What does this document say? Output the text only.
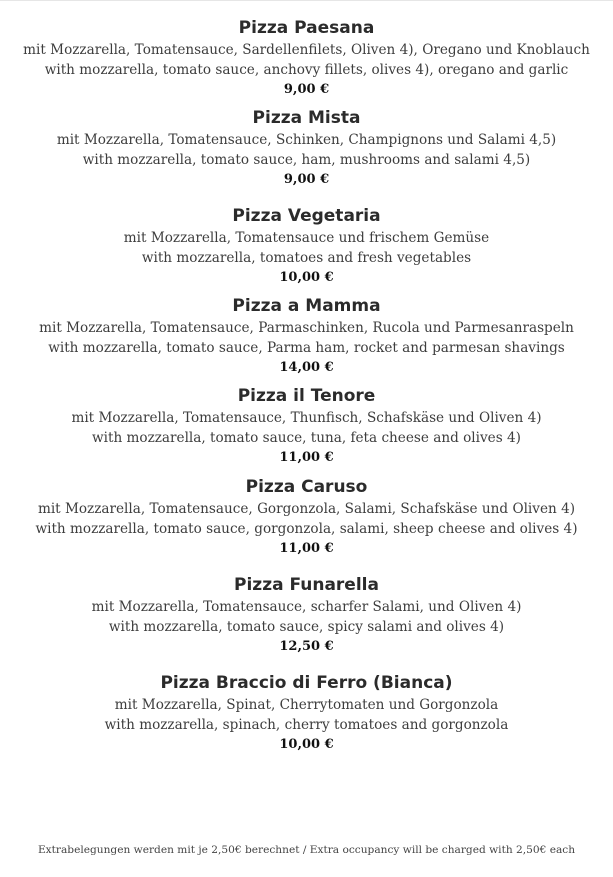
Pizza Paesana
mit Mozzarella, Tomatensauce, Sardellenfilets, Oliven 4), Oregano und Knoblauch
with mozzarella, tomato sauce, anchovy fillets, olives 4), oregano and garlic
9,00 €
Pizza Mista
mit Mozzarella, Tomatensauce, Schinken, Champignons und Salami 4,5)
with mozzarella, tomato sauce, ham, mushrooms and salami 4,5)
9,00 €
Pizza Vegetaria
mit Mozzarella, Tomatensauce und frischem Gemüse
with mozzarella, tomatoes and fresh vegetables
10,00 €
Pizza a Mamma
mit Mozzarella, Tomatensauce, Parmaschinken, Rucola und Parmesanraspeln
with mozzarella, tomato sauce, Parma ham, rocket and parmesan shavings
14,00 €
Pizza il Tenore
mit Mozzarella, Tomatensauce, Thunfisch, Schafskäse und Oliven 4)
with mozzarella, tomato sauce, tuna, feta cheese and olives 4)
11,00 €
Pizza Caruso
mit Mozzarella, Tomatensauce, Gorgonzola, Salami, Schafskäse und Oliven 4)
with mozzarella, tomato sauce, gorgonzola, salami, sheep cheese and olives 4)
11,00 €
Pizza Funarella
mit Mozzarella, Tomatensauce, scharfer Salami, und Oliven 4)
with mozzarella, tomato sauce, spicy salami and olives 4)
12,50 €
Pizza Braccio di Ferro (Bianca)
mit Mozzarella, Spinat, Cherrytomaten und Gorgonzola
with mozzarella, spinach, cherry tomatoes and gorgonzola
10,00 €
Extrabelegungen werden mit je 2,50€ berechnet / Extra occupancy will be charged with 2,50€ each
